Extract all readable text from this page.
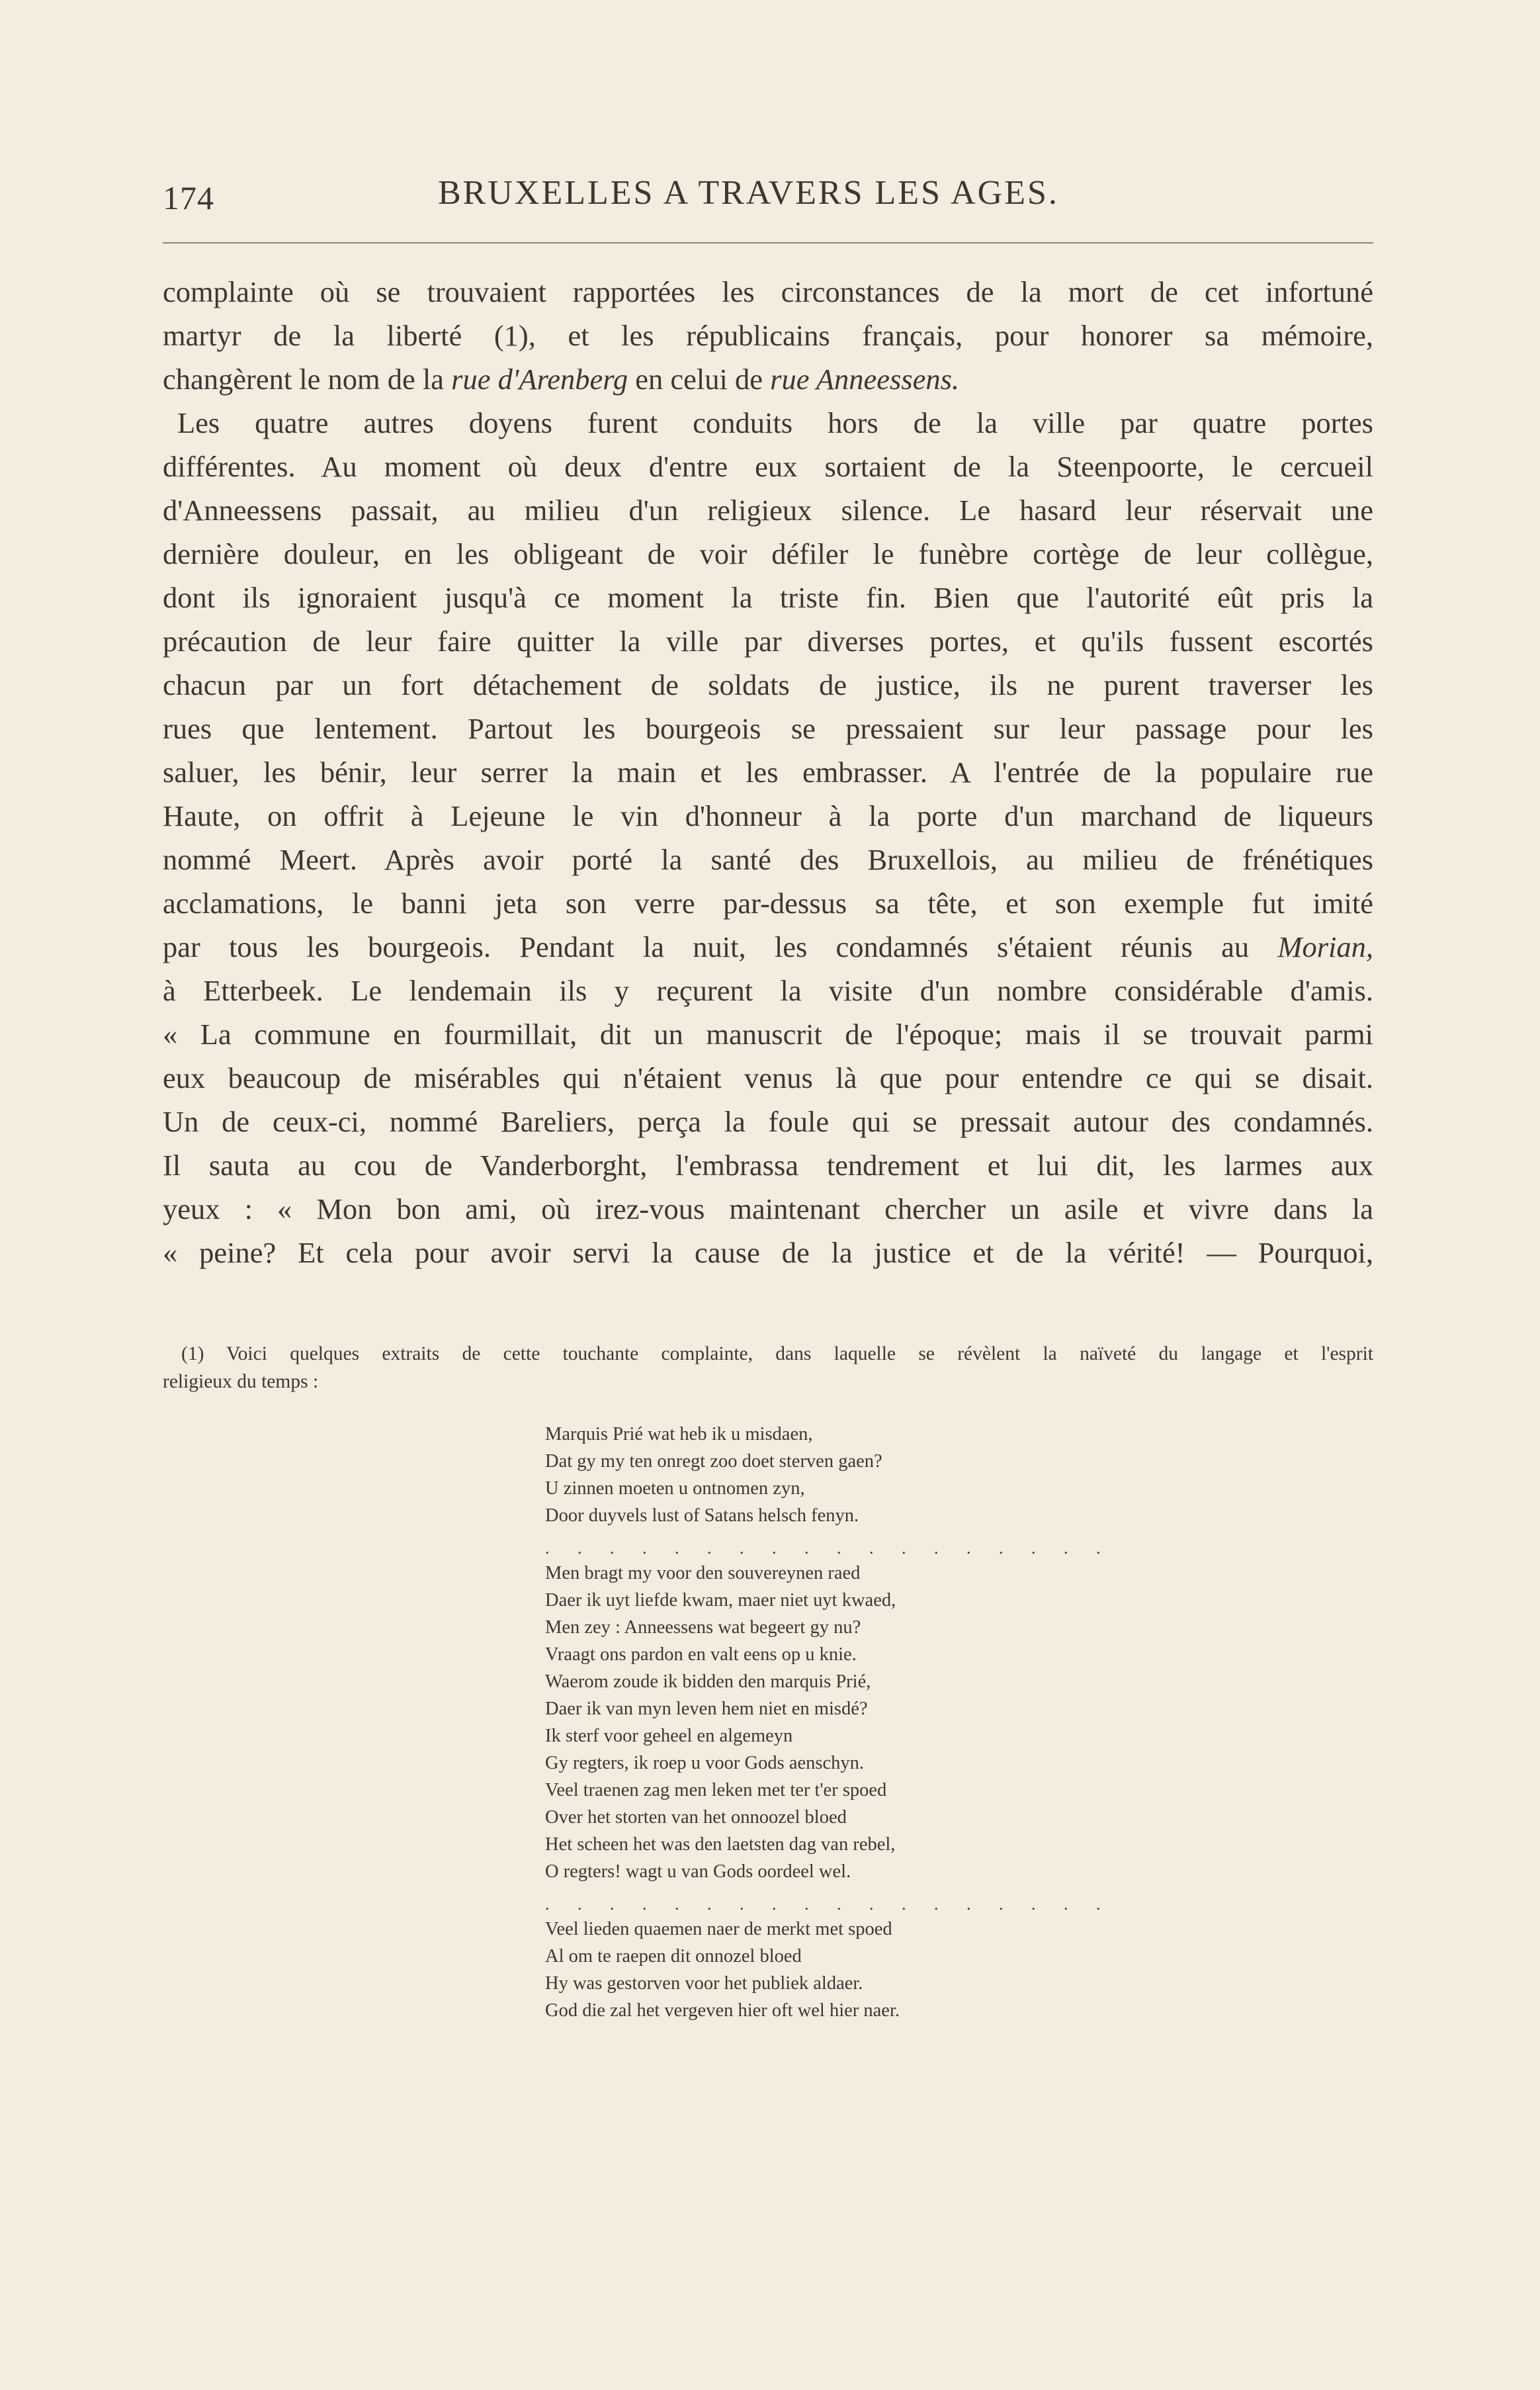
174	BRUXELLES A TRAVERS LES AGES.
complainte où se trouvaient rapportées les circonstances de la mort de cet infortuné
martyr de la liberté (1), et les républicains français, pour honorer sa mémoire,
changèrent le nom de la rue d'Arenberg en celui de rue Anneessens.
Les quatre autres doyens furent conduits hors de la ville par quatre portes
différentes. Au moment où deux d'entre eux sortaient de la Steenpoorte, le cercueil
d'Anneessens passait, au milieu d'un religieux silence. Le hasard leur réservait une
dernière douleur, en les obligeant de voir défiler le funèbre cortège de leur collègue,
dont ils ignoraient jusqu'à ce moment la triste fin. Bien que l'autorité eût pris la
précaution de leur faire quitter la ville par diverses portes, et qu'ils fussent escortés
chacun par un fort détachement de soldats de justice, ils ne purent traverser les
rues que lentement. Partout les bourgeois se pressaient sur leur passage pour les
saluer, les bénir, leur serrer la main et les embrasser. A l'entrée de la populaire rue
Haute, on offrit à Lejeune le vin d'honneur à la porte d'un marchand de liqueurs
nommé Meert. Après avoir porté la santé des Bruxellois, au milieu de frénétiques
acclamations, le banni jeta son verre par-dessus sa tête, et son exemple fut imité
par tous les bourgeois. Pendant la nuit, les condamnés s'étaient réunis au Morian,
à Etterbeek. Le lendemain ils y reçurent la visite d'un nombre considérable d'amis.
« La commune en fourmillait, dit un manuscrit de l'époque; mais il se trouvait parmi
eux beaucoup de misérables qui n'étaient venus là que pour entendre ce qui se disait.
Un de ceux-ci, nommé Bareliers, perça la foule qui se pressait autour des condamnés.
Il sauta au cou de Vanderborght, l'embrassa tendrement et lui dit, les larmes aux
yeux : « Mon bon ami, où irez-vous maintenant chercher un asile et vivre dans la
« peine? Et cela pour avoir servi la cause de la justice et de la vérité! — Pourquoi,
(1) Voici quelques extraits de cette touchante complainte, dans laquelle se révèlent la naïveté du langage et l'esprit
religieux du temps :
Marquis Prié wat heb ik u misdaen,
Dat gy my ten onregt zoo doet sterven gaen?
U zinnen moeten u ontnomen zyn,
Door duyvels lust of Satans helsch fenyn.
. . . . . . . . . . . . . . . . . .
Men bragt my voor den souvereynen raed
Daer ik uyt liefde kwam, maer niet uyt kwaed,
Men zey : Anneessens wat begeert gy nu?
Vraagt ons pardon en valt eens op u knie.
Waerom zoude ik bidden den marquis Prié,
Daer ik van myn leven hem niet en misdé?
Ik sterf voor geheel en algemeyn
Gy regters, ik roep u voor Gods aenschyn.
Veel traenen zag men leken met ter t'er spoed
Over het storten van het onnoozel bloed
Het scheen het was den laetsten dag van rebel,
O regters! wagt u van Gods oordeel wel.
. . . . . . . . . . . . . . . . . .
Veel lieden quaemen naer de merkt met spoed
Al om te raepen dit onnozel bloed
Hy was gestorven voor het publiek aldaer.
God die zal het vergeven hier oft wel hier naer.
